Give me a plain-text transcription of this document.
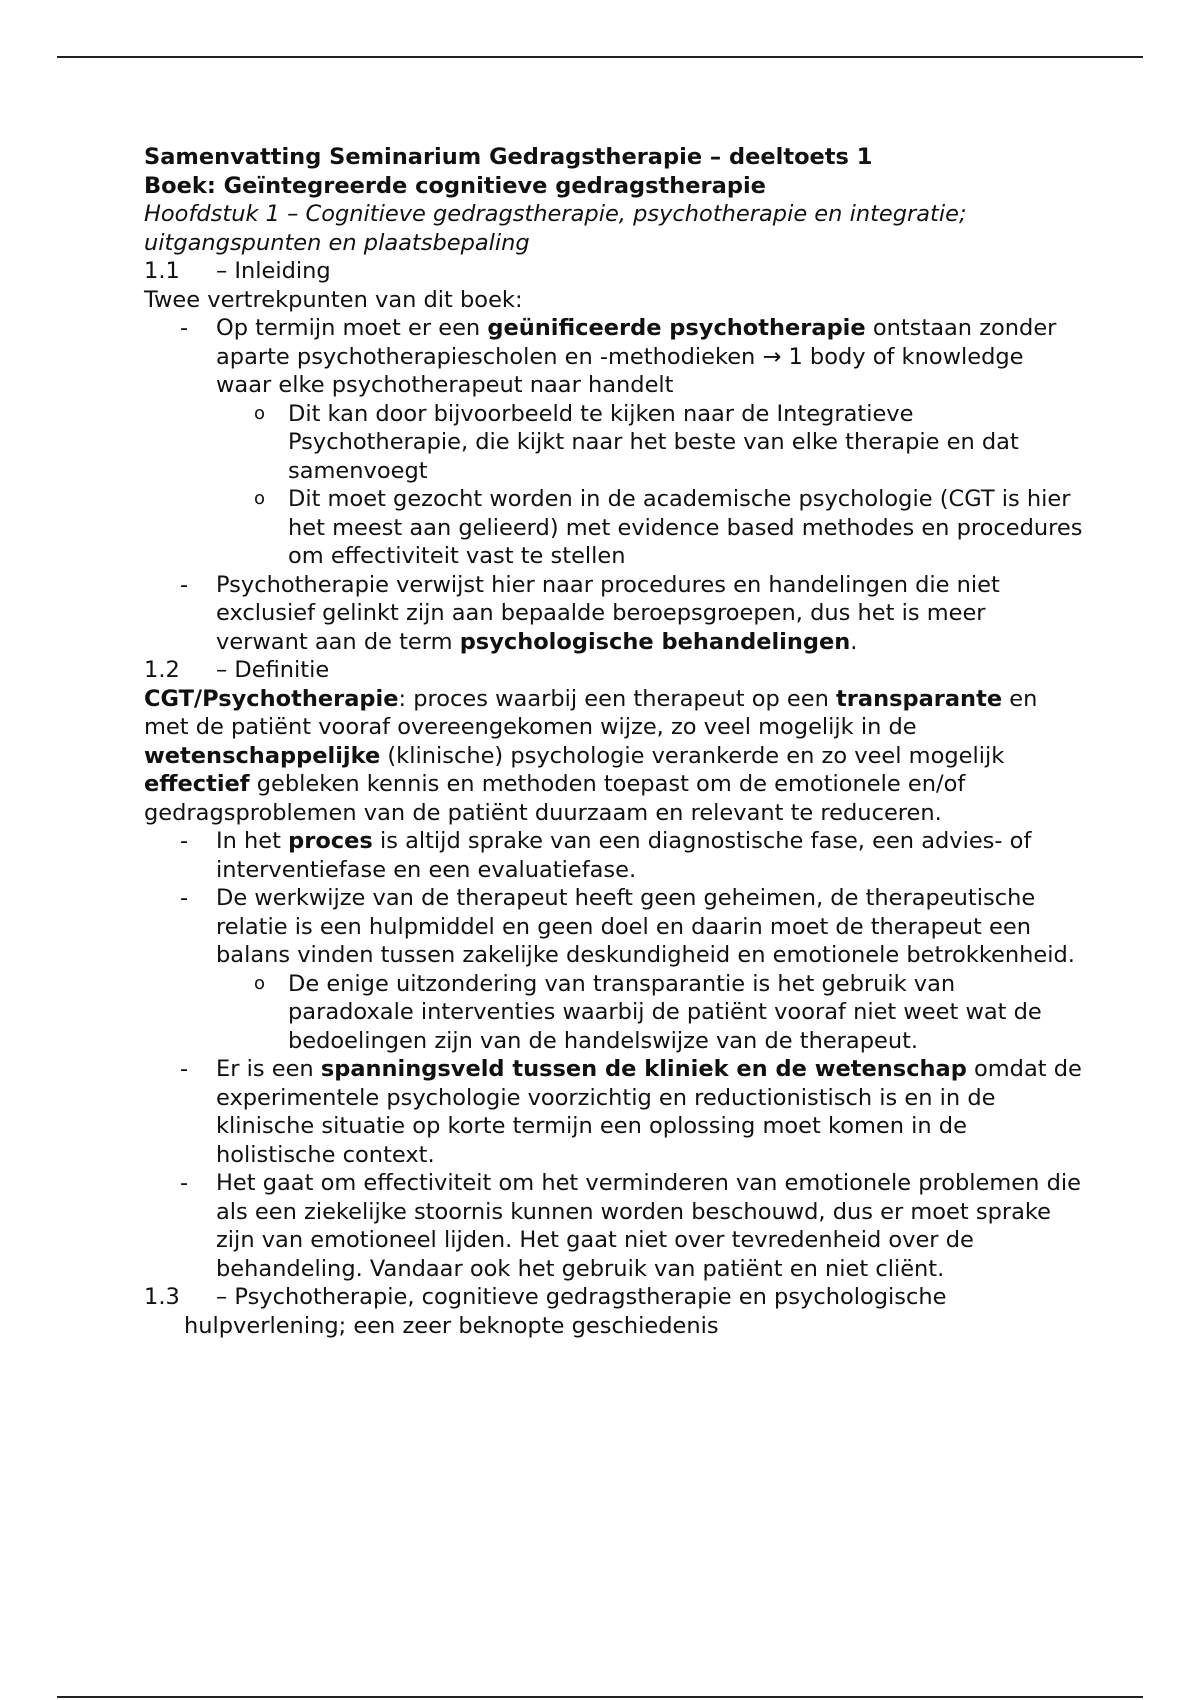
Samenvatting Seminarium Gedragstherapie – deeltoets 1

Boek: Geïntegreerde cognitieve gedragstherapie

Hoofdstuk 1 – Cognitieve gedragstherapie, psychotherapie en integratie; uitgangspunten en plaatsbepaling

1.1 – Inleiding

Twee vertrekpunten van dit boek:

- Op termijn moet er een geünificeerde psychotherapie ontstaan zonder aparte psychotherapiescholen en -methodieken → 1 body of knowledge waar elke psychotherapeut naar handelt
o Dit kan door bijvoorbeeld te kijken naar de Integratieve Psychotherapie, die kijkt naar het beste van elke therapie en dat samenvoegt
o Dit moet gezocht worden in de academische psychologie (CGT is hier het meest aan gelieerd) met evidence based methodes en procedures om effectiviteit vast te stellen
- Psychotherapie verwijst hier naar procedures en handelingen die niet exclusief gelinkt zijn aan bepaalde beroepsgroepen, dus het is meer verwant aan de term psychologische behandelingen.

1.2 – Definitie

CGT/Psychotherapie: proces waarbij een therapeut op een transparante en met de patiënt vooraf overeengekomen wijze, zo veel mogelijk in de wetenschappelijke (klinische) psychologie verankerde en zo veel mogelijk effectief gebleken kennis en methoden toepast om de emotionele en/of gedragsproblemen van de patiënt duurzaam en relevant te reduceren.

- In het proces is altijd sprake van een diagnostische fase, een advies- of interventiefase en een evaluatiefase.
- De werkwijze van de therapeut heeft geen geheimen, de therapeutische relatie is een hulpmiddel en geen doel en daarin moet de therapeut een balans vinden tussen zakelijke deskundigheid en emotionele betrokkenheid.
o De enige uitzondering van transparantie is het gebruik van paradoxale interventies waarbij de patiënt vooraf niet weet wat de bedoelingen zijn van de handelswijze van de therapeut.
- Er is een spanningsveld tussen de kliniek en de wetenschap omdat de experimentele psychologie voorzichtig en reductionistisch is en in de klinische situatie op korte termijn een oplossing moet komen in de holistische context.
- Het gaat om effectiviteit om het verminderen van emotionele problemen die als een ziekelijke stoornis kunnen worden beschouwd, dus er moet sprake zijn van emotioneel lijden. Het gaat niet over tevredenheid over de behandeling. Vandaar ook het gebruik van patiënt en niet cliënt.

1.3 – Psychotherapie, cognitieve gedragstherapie en psychologische hulpverlening; een zeer beknopte geschiedenis
